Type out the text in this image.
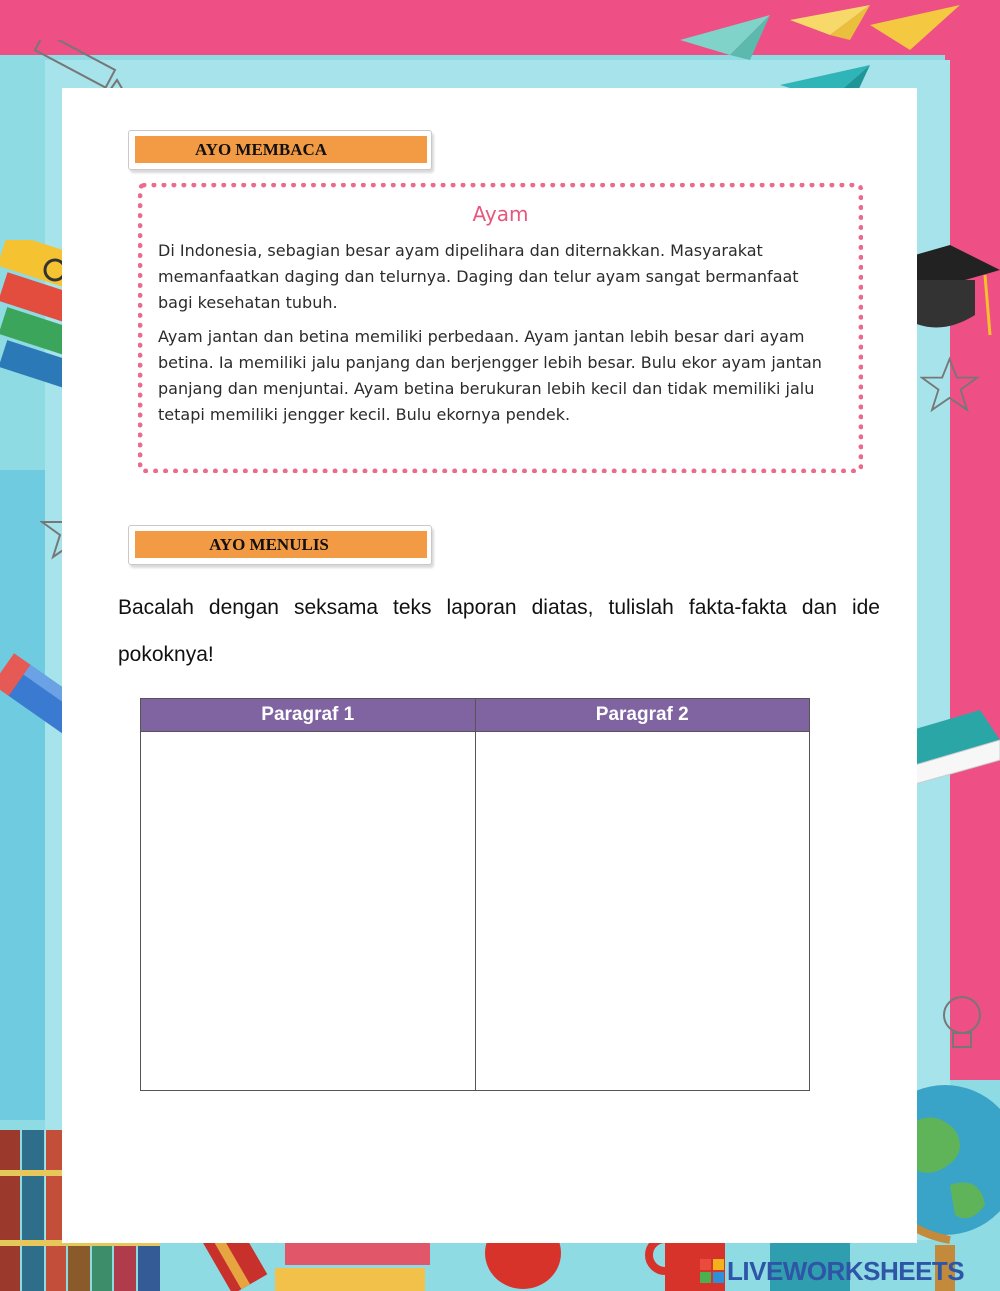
AYO MEMBACA
Ayam

Di Indonesia, sebagian besar ayam dipelihara dan diternakkan. Masyarakat memanfaatkan daging dan telurnya. Daging dan telur ayam sangat bermanfaat bagi kesehatan tubuh.

Ayam jantan dan betina memiliki perbedaan. Ayam jantan lebih besar dari ayam betina. Ia memiliki jalu panjang dan berjengger lebih besar. Bulu ekor ayam jantan panjang dan menjuntai. Ayam betina berukuran lebih kecil dan tidak memiliki jalu tetapi memiliki jengger kecil. Bulu ekornya pendek.

AYO MENULIS

Bacalah dengan seksama teks laporan diatas, tulislah fakta-fakta dan ide pokoknya!

Paragraf 1	Paragraf 2

LIVEWORKSHEETS
